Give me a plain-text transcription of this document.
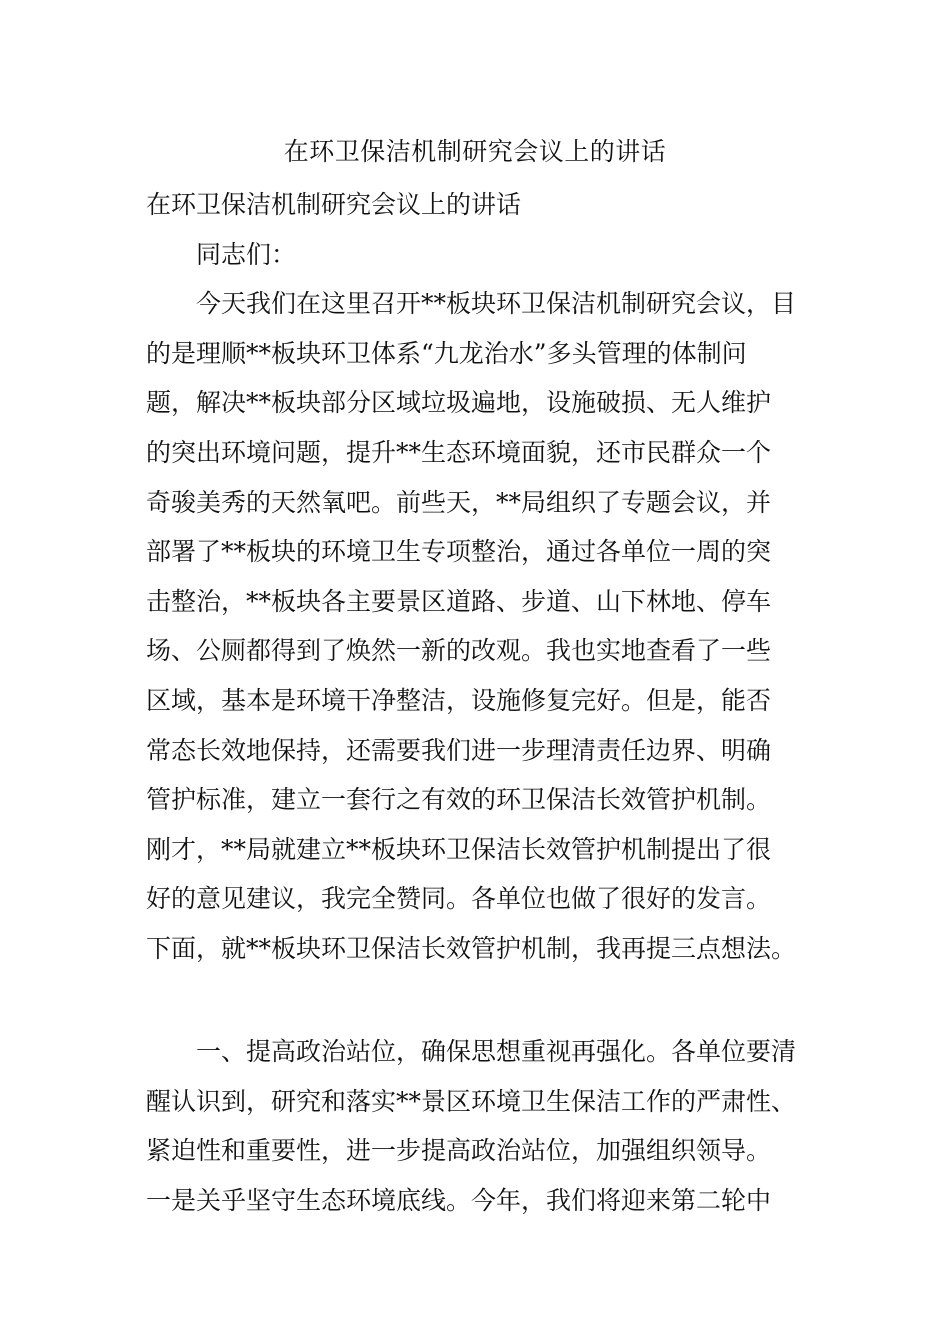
在环卫保洁机制研究会议上的讲话
在环卫保洁机制研究会议上的讲话
　　同志们：
　　今天我们在这里召开**板块环卫保洁机制研究会议，目
的是理顺**板块环卫体系“九龙治水”多头管理的体制问
题，解决**板块部分区域垃圾遍地，设施破损、无人维护
的突出环境问题，提升**生态环境面貌，还市民群众一个
奇骏美秀的天然氧吧。前些天，**局组织了专题会议，并
部署了**板块的环境卫生专项整治，通过各单位一周的突
击整治，**板块各主要景区道路、步道、山下林地、停车
场、公厕都得到了焕然一新的改观。我也实地查看了一些
区域，基本是环境干净整洁，设施修复完好。但是，能否
常态长效地保持，还需要我们进一步理清责任边界、明确
管护标准，建立一套行之有效的环卫保洁长效管护机制。
刚才，**局就建立**板块环卫保洁长效管护机制提出了很
好的意见建议，我完全赞同。各单位也做了很好的发言。
下面，就**板块环卫保洁长效管护机制，我再提三点想法。
　　一、提高政治站位，确保思想重视再强化。各单位要清
醒认识到，研究和落实**景区环境卫生保洁工作的严肃性、
紧迫性和重要性，进一步提高政治站位，加强组织领导。
一是关乎坚守生态环境底线。今年，我们将迎来第二轮中
